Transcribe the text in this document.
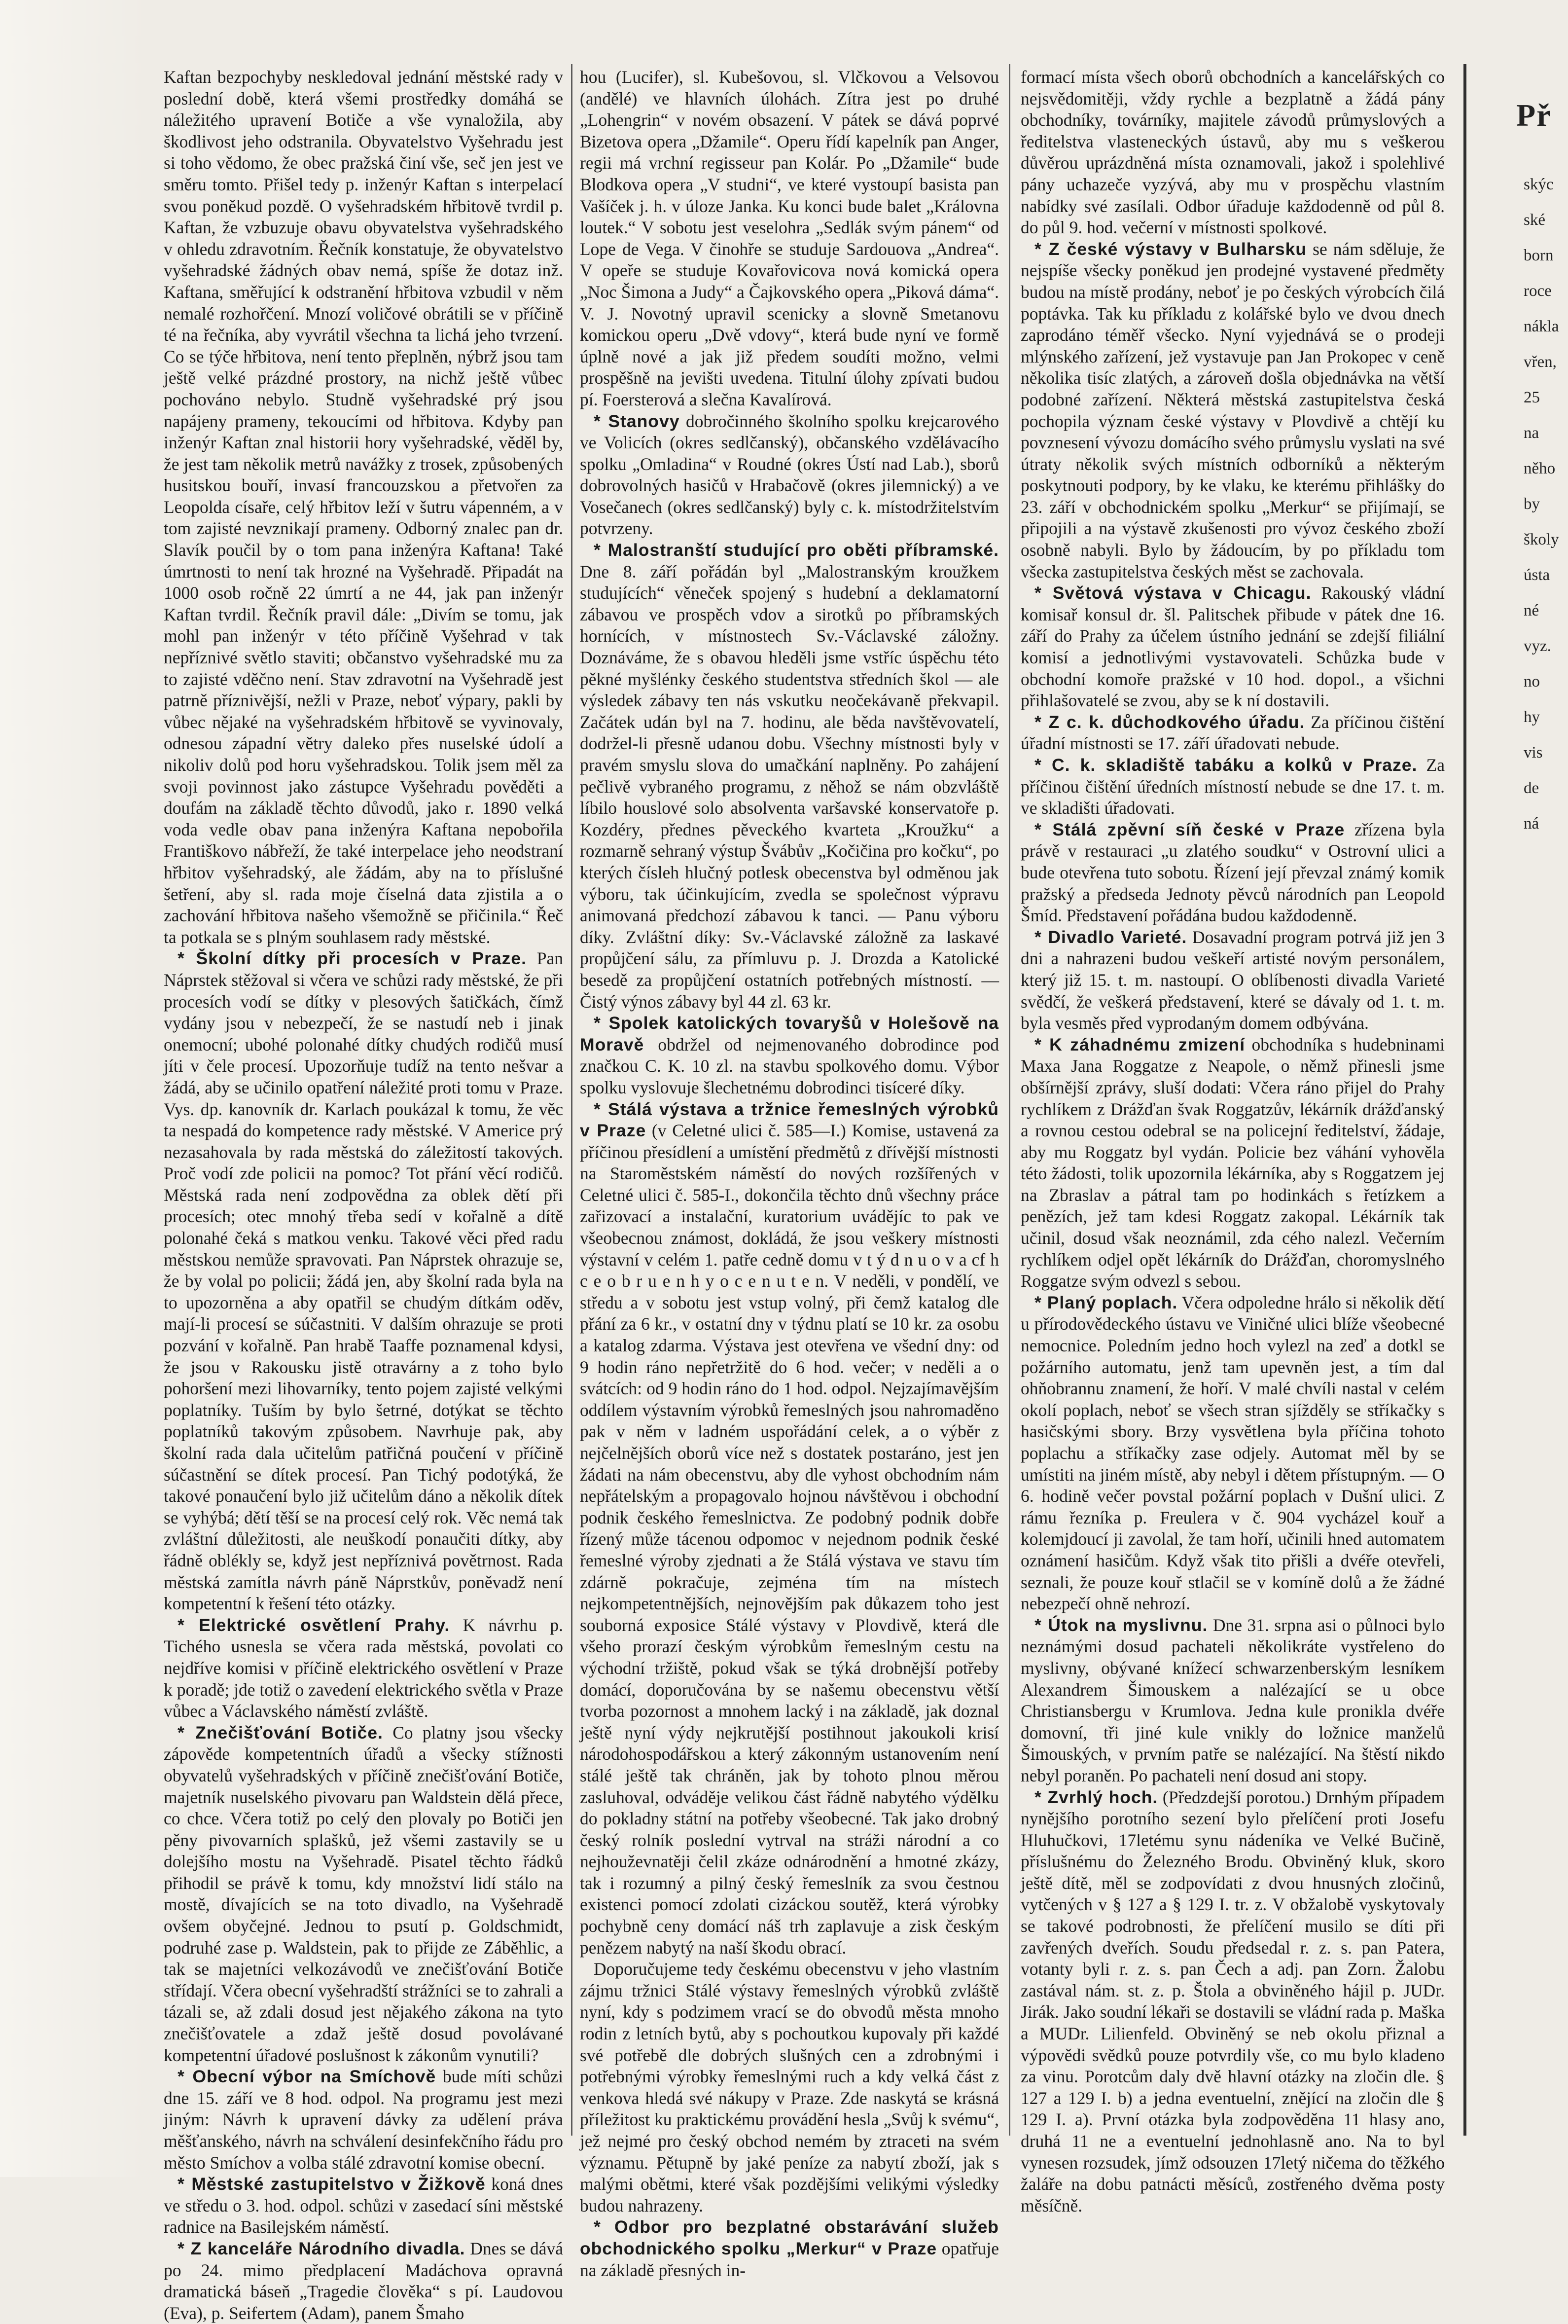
Kaftan bezpochyby neskledoval jednání městské rady v poslední době, která všemi prostředky domáhá se náležitého upravení Botiče a vše vynaložila, aby škodlivost jeho odstranila. Obyvatelstvo Vyšehradu jest si toho vědomo, že obec pražská činí vše, seč jen jest ve směru tomto. Přišel tedy p. inženýr Kaftan s interpelací svou poněkud pozdě. O vyšehradském hřbitově tvrdil p. Kaftan, že vzbuzuje obavu obyvatelstva vyšehradského v ohledu zdravotním. Řečník konstatuje, že obyvatelstvo vyšehradské žádných obav nemá, spíše že dotaz inž. Kaftana, směřující k odstranění hřbitova vzbudil v něm nemalé rozhořčení. Mnozí voličové obrátili se v příčině té na řečníka, aby vyvrátil všechna ta lichá jeho tvrzení. Co se týče hřbitova, není tento přeplněn, nýbrž jsou tam ještě velké prázdné prostory, na nichž ještě vůbec pochováno nebylo. Studně vyšehradské prý jsou napájeny prameny, tekoucími od hřbitova. Kdyby pan inženýr Kaftan znal historii hory vyšehradské, věděl by, že jest tam několik metrů navážky z trosek, způsobených husitskou bouří, invasí francouzskou a přetvořen za Leopolda císaře, celý hřbitov leží v šutru vápenném, a v tom zajisté nevznikají prameny. Odborný znalec pan dr. Slavík poučil by o tom pana inženýra Kaftana! Také úmrtnosti to není tak hrozné na Vyšehradě. Připadát na 1000 osob ročně 22 úmrtí a ne 44, jak pan inženýr Kaftan tvrdil. Řečník pravil dále: „Divím se tomu, jak mohl pan inženýr v této příčině Vyšehrad v tak nepříznivé světlo staviti; občanstvo vyšehradské mu za to zajisté vděčno není. Stav zdravotní na Vyšehradě jest patrně příznivější, nežli v Praze, neboť výpary, pakli by vůbec nějaké na vyšehradském hřbitově se vyvinovaly, odnesou západní větry daleko přes nuselské údolí a nikoliv dolů pod horu vyšehradskou. Tolik jsem měl za svoji povinnost jako zástupce Vyšehradu pověděti a doufám na základě těchto důvodů, jako r. 1890 velká voda vedle obav pana inženýra Kaftana nepobořila Františkovo nábřeží, že také interpelace jeho neodstraní hřbitov vyšehradský, ale žádám, aby na to příslušné šetření, aby sl. rada moje číselná data zjistila a o zachování hřbitova našeho všemožně se přičinila.“ Řeč ta potkala se s plným souhlasem rady městské.

* Školní dítky při procesích v Praze. Pan Náprstek stěžoval si včera ve schůzi rady městské, že při procesích vodí se dítky v plesových šatičkách, čímž vydány jsou v nebezpečí, že se nastudí neb i jinak onemocní; ubohé polonahé dítky chudých rodičů musí jíti v čele procesí. Upozorňuje tudíž na tento nešvar a žádá, aby se učinilo opatření náležité proti tomu v Praze. Vys. dp. kanovník dr. Karlach poukázal k tomu, že věc ta nespadá do kompetence rady městské. V Americe prý nezasahovala by rada městská do záležitostí takových. Proč vodí zde policii na pomoc? Tot přání věcí rodičů. Městská rada není zodpovědna za oblek dětí při procesích; otec mnohý třeba sedí v kořalně a dítě polonahé čeká s matkou venku. Takové věci před radu městskou nemůže spravovati. Pan Náprstek ohrazuje se, že by volal po policii; žádá jen, aby školní rada byla na to upozorněna a aby opatřil se chudým dítkám oděv, mají-li procesí se súčastniti. V dalším ohrazuje se proti pozvání v kořalně. Pan hrabě Taaffe poznamenal kdysi, že jsou v Rakousku jistě otravárny a z toho bylo pohoršení mezi lihovarníky, tento pojem zajisté velkými poplatníky. Tuším by bylo šetrné, dotýkat se těchto poplatníků takovým způsobem. Navrhuje pak, aby školní rada dala učitelům patřičná poučení v příčině súčastnění se dítek procesí. Pan Tichý podotýká, že takové ponaučení bylo již učitelům dáno a několik dítek se vyhýbá; dětí těší se na procesí celý rok. Věc nemá tak zvláštní důležitosti, ale neuškodí ponaučiti dítky, aby řádně oblékly se, když jest nepříznivá povětrnost. Rada městská zamítla návrh páně Náprstkův, poněvadž není kompetentní k řešení této otázky.

* Elektrické osvětlení Prahy. K návrhu p. Tichého usnesla se včera rada městská, povolati co nejdříve komisi v příčině elektrického osvětlení v Praze k poradě; jde totiž o zavedení elektrického světla v Praze vůbec a Václavského náměstí zvláště.

* Znečišťování Botiče. Co platny jsou všecky zápověde kompetentních úřadů a všecky stížnosti obyvatelů vyšehradských v příčině znečišťování Botiče, majetník nuselského pivovaru pan Waldstein dělá přece, co chce. Včera totiž po celý den plovaly po Botiči jen pěny pivovarních splašků, jež všemi zastavily se u dolejšího mostu na Vyšehradě. Pisatel těchto řádků přihodil se právě k tomu, kdy množství lidí stálo na mostě, dívajících se na toto divadlo, na Vyšehradě ovšem obyčejné. Jednou to psutí p. Goldschmidt, podruhé zase p. Waldstein, pak to přijde ze Záběhlic, a tak se majetníci velkozávodů ve znečišťování Botiče střídají. Včera obecní vyšehradští strážníci se to zahrali a tázali se, až zdali dosud jest nějakého zákona na tyto znečišťovatele a zdaž ještě dosud povolávané kompetentní úřadové poslušnost k zákonům vynutili?

* Obecní výbor na Smíchově bude míti schůzi dne 15. září ve 8 hod. odpol. Na programu jest mezi jiným: Návrh k upravení dávky za udělení práva měšťanského, návrh na schválení desinfekčního řádu pro město Smíchov a volba stálé zdravotní komise obecní.

* Městské zastupitelstvo v Žižkově koná dnes ve středu o 3. hod. odpol. schůzi v zasedací síni městské radnice na Basilejském náměstí.

* Z kanceláře Národního divadla. Dnes se dává po 24. mimo předplacení Madáchova opravná dramatická báseň „Tragedie člověka“ s pí. Laudovou (Eva), p. Seifertem (Adam), panem Šmaho

hou (Lucifer), sl. Kubešovou, sl. Vlčkovou a Velsovou (andělé) ve hlavních úlohách. Zítra jest po druhé „Lohengrin“ v novém obsazení. V pátek se dává poprvé Bizetova opera „Džamile“. Operu řídí kapelník pan Anger, regii má vrchní regisseur pan Kolár. Po „Džamile“ bude Blodkova opera „V studni“, ve které vystoupí basista pan Vašíček j. h. v úloze Janka. Ku konci bude balet „Královna loutek.“ V sobotu jest veselohra „Sedlák svým pánem“ od Lope de Vega. V činohře se studuje Sardouova „Andrea“. V opeře se studuje Kovařovicova nová komická opera „Noc Šimona a Judy“ a Čajkovského opera „Piková dáma“. V. J. Novotný upravil scenicky a slovně Smetanovu komickou operu „Dvě vdovy“, která bude nyní ve formě úplně nové a jak již předem soudíti možno, velmi prospěšně na jevišti uvedena. Titulní úlohy zpívati budou pí. Foersterová a slečna Kavalírová.

* Stanovy dobročinného školního spolku krejcarového ve Volicích (okres sedlčanský), občanského vzdělávacího spolku „Omladina“ v Roudné (okres Ústí nad Lab.), sborů dobrovolných hasičů v Hrabačově (okres jilemnický) a ve Vosečanech (okres sedlčanský) byly c. k. místodržitelstvím potvrzeny.

* Malostranští studující pro oběti příbramské. Dne 8. září pořádán byl „Malostranským kroužkem studujících“ věneček spojený s hudební a deklamatorní zábavou ve prospěch vdov a sirotků po příbramských hornících, v místnostech Sv.-Václavské záložny. Doznáváme, že s obavou hleděli jsme vstříc úspěchu této pěkné myšlénky českého studentstva středních škol — ale výsledek zábavy ten nás vskutku neočekávaně překvapil. Začátek udán byl na 7. hodinu, ale běda navštěvovatelí, dodržel-li přesně udanou dobu. Všechny místnosti byly v pravém smyslu slova do umačkání naplněny. Po zahájení pečlivě vybraného programu, z něhož se nám obzvláště líbilo houslové solo absolventa varšavské konservatoře p. Kozdéry, přednes pěveckého kvarteta „Kroužku“ a rozmarně sehraný výstup Švábův „Kočičina pro kočku“, po kterých čísleh hlučný potlesk obecenstva byl odměnou jak výboru, tak účinkujícím, zvedla se společnost výpravu animovaná předchozí zábavou k tanci. — Panu výboru díky. Zvláštní díky: Sv.-Václavské záložně za laskavé propůjčení sálu, za přímluvu p. J. Drozda a Katolické besedě za propůjčení ostatních potřebných místností. — Čistý výnos zábavy byl 44 zl. 63 kr.

* Spolek katolických tovaryšů v Holešově na Moravě obdržel od nejmenovaného dobrodince pod značkou C. K. 10 zl. na stavbu spolkového domu. Výbor spolku vyslovuje šlechetnému dobrodinci tisíceré díky.

* Stálá výstava a tržnice řemeslných výrobků v Praze (v Celetné ulici č. 585—I.) Komise, ustavená za příčinou přesídlení a umístění předmětů z dřívější místnosti na Staroměstském náměstí do nových rozšířených v Celetné ulici č. 585-I., dokončila těchto dnů všechny práce zařizovací a instalační, kuratorium uvádějíc to pak ve všeobecnou známost, dokládá, že jsou veškery místnosti výstavní v celém 1. patře cedně domu v t ý d n u o v a cf h c e o b r u e n h y o c e n u t e n. V neděli, v pondělí, ve středu a v sobotu jest vstup volný, při čemž katalog dle přání za 6 kr., v ostatní dny v týdnu platí se 10 kr. za osobu a katalog zdarma. Výstava jest otevřena ve všední dny: od 9 hodin ráno nepřetržitě do 6 hod. večer; v neděli a o svátcích: od 9 hodin ráno do 1 hod. odpol. Nejzajímavějším oddílem výstavním výrobků řemeslných jsou nahromaděno pak v něm v ladném uspořádání celek, a o výběr z nejčelnějších oborů více než s dostatek postaráno, jest jen žádati na nám obecenstvu, aby dle vyhost obchodním nám nepřátelským a propagovalo hojnou návštěvou i obchodní podnik českého řemeslnictva. Ze podobný podnik dobře řízený může tácenou odpomoc v nejednom podnik české řemeslné výroby zjednati a že Stálá výstava ve stavu tím zdárně pokračuje, zejména tím na místech nejkompetentnějších, nejnovějším pak důkazem toho jest souborná exposice Stálé výstavy v Plovdivě, která dle všeho prorazí českým výrobkům řemeslným cestu na východní tržiště, pokud však se týká drobnější potřeby domácí, doporučována by se našemu obecenstvu větší tvorba pozornost a mnohem lacký i na základě, jak doznal ještě nyní výdy nejkrutější postihnout jakoukoli krisí národohospodářskou a který zákonným ustanovením není stálé ještě tak chráněn, jak by tohoto plnou měrou zasluhoval, odváděje velikou část řádně nabytého výdělku do pokladny státní na potřeby všeobecné. Tak jako drobný český rolník poslední vytrval na stráži národní a co nejhouževnatěji čelil zkáze odnárodnění a hmotné zkázy, tak i rozumný a pilný český řemeslník za svou čestnou existenci pomocí zdolati cizáckou soutěž, která výrobky pochybně ceny domácí náš trh zaplavuje a zisk českým penězem nabytý na naší škodu obrací.

Doporučujeme tedy českému obecenstvu v jeho vlastním zájmu tržnici Stálé výstavy řemeslných výrobků zvláště nyní, kdy s podzimem vrací se do obvodů města mnoho rodin z letních bytů, aby s pochoutkou kupovaly při každé své potřebě dle dobrých slušných cen a zdrobnými i potřebnými výrobky řemeslnými ruch a kdy velká část z venkova hledá své nákupy v Praze. Zde naskytá se krásná příležitost ku praktickému provádění hesla „Svůj k svému“, jež nejmé pro český obchod nemém by ztraceti na svém významu. Pětupně by jaké peníze za nabytí zboží, jak s malými obětmi, které však pozdějšími velikými výsledky budou nahrazeny.

* Odbor pro bezplatné obstarávání služeb obchodnického spolku „Merkur“ v Praze opatřuje na základě přesných in-

formací místa všech oborů obchodních a kancelářských co nejsvědomitěji, vždy rychle a bezplatně a žádá pány obchodníky, továrníky, majitele závodů průmyslových a ředitelstva vlasteneckých ústavů, aby mu s veškerou důvěrou uprázdněná místa oznamovali, jakož i spolehlivé pány uchazeče vyzývá, aby mu v prospěchu vlastním nabídky své zasílali. Odbor úřaduje každodenně od půl 8. do půl 9. hod. večerní v místnosti spolkové.

* Z české výstavy v Bulharsku se nám sděluje, že nejspíše všecky poněkud jen prodejné vystavené předměty budou na místě prodány, neboť je po českých výrobcích čilá poptávka. Tak ku příkladu z kolářské bylo ve dvou dnech zaprodáno téměř všecko. Nyní vyjednává se o prodeji mlýnského zařízení, jež vystavuje pan Jan Prokopec v ceně několika tisíc zlatých, a zároveň došla objednávka na větší podobné zařízení. Některá městská zastupitelstva česká pochopila význam české výstavy v Plovdivě a chtějí ku povznesení vývozu domácího svého průmyslu vyslati na své útraty několik svých místních odborníků a některým poskytnouti podpory, by ke vlaku, ke kterému přihlášky do 23. září v obchodnickém spolku „Merkur“ se přijímají, se připojili a na výstavě zkušenosti pro vývoz českého zboží osobně nabyli. Bylo by žádoucím, by po příkladu tom všecka zastupitelstva českých měst se zachovala.

* Světová výstava v Chicagu. Rakouský vládní komisař konsul dr. šl. Palitschek přibude v pátek dne 16. září do Prahy za účelem ústního jednání se zdejší filiální komisí a jednotlivými vystavovateli. Schůzka bude v obchodní komoře pražské v 10 hod. dopol., a všichni přihlašovatelé se zvou, aby se k ní dostavili.

* Z c. k. důchodkového úřadu. Za příčinou čištění úřadní místnosti se 17. září úřadovati nebude.

* C. k. skladiště tabáku a kolků v Praze. Za příčinou čištění úředních místností nebude se dne 17. t. m. ve skladišti úřadovati.

* Stálá zpěvní síň české v Praze zřízena byla právě v restauraci „u zlatého soudku“ v Ostrovní ulici a bude otevřena tuto sobotu. Řízení její převzal známý komik pražský a předseda Jednoty pěvců národních pan Leopold Šmíd. Představení pořádána budou každodenně.

* Divadlo Varieté. Dosavadní program potrvá již jen 3 dni a nahrazeni budou veškeří artisté novým personálem, který již 15. t. m. nastoupí. O oblíbenosti divadla Varieté svědčí, že veškerá představení, které se dávaly od 1. t. m. byla vesměs před vyprodaným domem odbývána.

* K záhadnému zmizení obchodníka s hudebninami Maxa Jana Roggatze z Neapole, o němž přinesli jsme obšírnější zprávy, sluší dodati: Včera ráno přijel do Prahy rychlíkem z Drážďan švak Roggatzův, lékárník drážďanský a rovnou cestou odebral se na policejní ředitelství, žádaje, aby mu Roggatz byl vydán. Policie bez váhání vyhověla této žádosti, tolik upozornila lékárníka, aby s Roggatzem jej na Zbraslav a pátral tam po hodinkách s řetízkem a penězích, jež tam kdesi Roggatz zakopal. Lékárník tak učinil, dosud však neoznámil, zda cého nalezl. Večerním rychlíkem odjel opět lékárník do Drážďan, choromyslného Roggatze svým odvezl s sebou.

* Planý poplach. Včera odpoledne hrálo si několik dětí u přírodovědeckého ústavu ve Viničné ulici blíže všeobecné nemocnice. Poledním jedno hoch vylezl na zeď a dotkl se požárního automatu, jenž tam upevněn jest, a tím dal ohňobrannu znamení, že hoří. V malé chvíli nastal v celém okolí poplach, neboť se všech stran sjížděly se stříkačky s hasičskými sbory. Brzy vysvětlena byla příčina tohoto poplachu a stříkačky zase odjely. Automat měl by se umístiti na jiném místě, aby nebyl i dětem přístupným. — O 6. hodině večer povstal požární poplach v Dušní ulici. Z rámu řezníka p. Freulera v č. 904 vycházel kouř a kolemjdoucí ji zavolal, že tam hoří, učinili hned automatem oznámení hasičům. Když však tito přišli a dvéře otevřeli, seznali, že pouze kouř stlačil se v komíně dolů a že žádné nebezpečí ohně nehrozí.

* Útok na myslivnu. Dne 31. srpna asi o půlnoci bylo neznámými dosud pachateli několikráte vystřeleno do myslivny, obývané knížecí schwarzenberským lesníkem Alexandrem Šimouskem a nalézající se u obce Christiansbergu v Krumlova. Jedna kule pronikla dvéře domovní, tři jiné kule vnikly do ložnice manželů Šimouských, v prvním patře se nalézající. Na štěstí nikdo nebyl poraněn. Po pachateli není dosud ani stopy.

* Zvrhlý hoch. (Předzdejší porotou.) Drnhým případem nynějšího porotního sezení bylo přelíčení proti Josefu Hluhučkovi, 17letému synu nádeníka ve Velké Bučině, příslušnému do Železného Brodu. Obviněný kluk, skoro ještě dítě, měl se zodpovídati z dvou hnusných zločinů, vytčených v § 127 a § 129 I. tr. z. V obžalobě vyskytovaly se takové podrobnosti, že přelíčení musilo se díti při zavřených dveřích. Soudu předsedal r. z. s. pan Patera, votanty byli r. z. s. pan Čech a adj. pan Zorn. Žalobu zastával nám. st. z. p. Štola a obviněného hájil p. JUDr. Jirák. Jako soudní lékaři se dostavili se vládní rada p. Maška a MUDr. Lilienfeld. Obviněný se neb okolu přiznal a výpovědi svědků pouze potvrdily vše, co mu bylo kladeno za vinu. Porotcům daly dvě hlavní otázky na zločin dle. § 127 a 129 I. b) a jedna eventuelní, znějící na zločin dle § 129 I. a). První otázka byla zodpověděna 11 hlasy ano, druhá 11 ne a eventuelní jednohlasně ano. Na to byl vynesen rozsudek, jímž odsouzen 17letý ničema do těžkého žaláře na dobu patnácti měsíců, zostřeného dvěma posty měsíčně.

Př
skýc
ské
born
roce
nákla
vřen,
25
na
něho
by
školy
ústa
né
vyz.
no
hy
vis
de
ná
